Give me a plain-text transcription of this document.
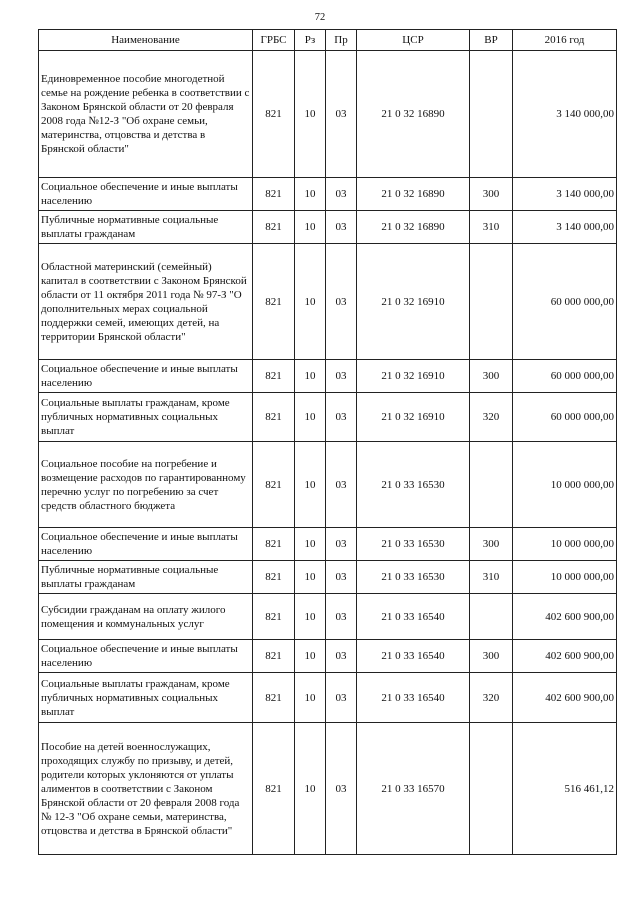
72
Наименование	ГРБС	Рз	Пр	ЦСР	ВР	2016 год
Единовременное пособие многодетной семье на рождение ребенка в соответствии с Законом Брянской области от 20 февраля 2008 года №12-З "Об охране семьи, материнства, отцовства и детства в Брянской области"	821	10	03	21 0 32 16890		3 140 000,00
Социальное обеспечение и иные выплаты населению	821	10	03	21 0 32 16890	300	3 140 000,00
Публичные нормативные социальные выплаты гражданам	821	10	03	21 0 32 16890	310	3 140 000,00
Областной материнский (семейный) капитал в соответствии с Законом Брянской области от 11 октября 2011 года № 97-З "О дополнительных мерах социальной поддержки семей, имеющих детей, на территории Брянской области"	821	10	03	21 0 32 16910		60 000 000,00
Социальное обеспечение и иные выплаты населению	821	10	03	21 0 32 16910	300	60 000 000,00
Социальные выплаты гражданам, кроме публичных нормативных социальных выплат	821	10	03	21 0 32 16910	320	60 000 000,00
Социальное пособие на погребение и возмещение расходов по гарантированному перечню услуг по погребению за счет средств областного бюджета	821	10	03	21 0 33 16530		10 000 000,00
Социальное обеспечение и иные выплаты населению	821	10	03	21 0 33 16530	300	10 000 000,00
Публичные нормативные социальные выплаты гражданам	821	10	03	21 0 33 16530	310	10 000 000,00
Субсидии гражданам на оплату жилого помещения и коммунальных услуг	821	10	03	21 0 33 16540		402 600 900,00
Социальное обеспечение и иные выплаты населению	821	10	03	21 0 33 16540	300	402 600 900,00
Социальные выплаты гражданам, кроме публичных нормативных социальных выплат	821	10	03	21 0 33 16540	320	402 600 900,00
Пособие на детей военнослужащих, проходящих службу по призыву, и детей, родители которых уклоняются от уплаты алиментов в соответствии с Законом Брянской области от 20 февраля 2008 года № 12-З "Об охране семьи, материнства, отцовства и детства в Брянской области"	821	10	03	21 0 33 16570		516 461,12
